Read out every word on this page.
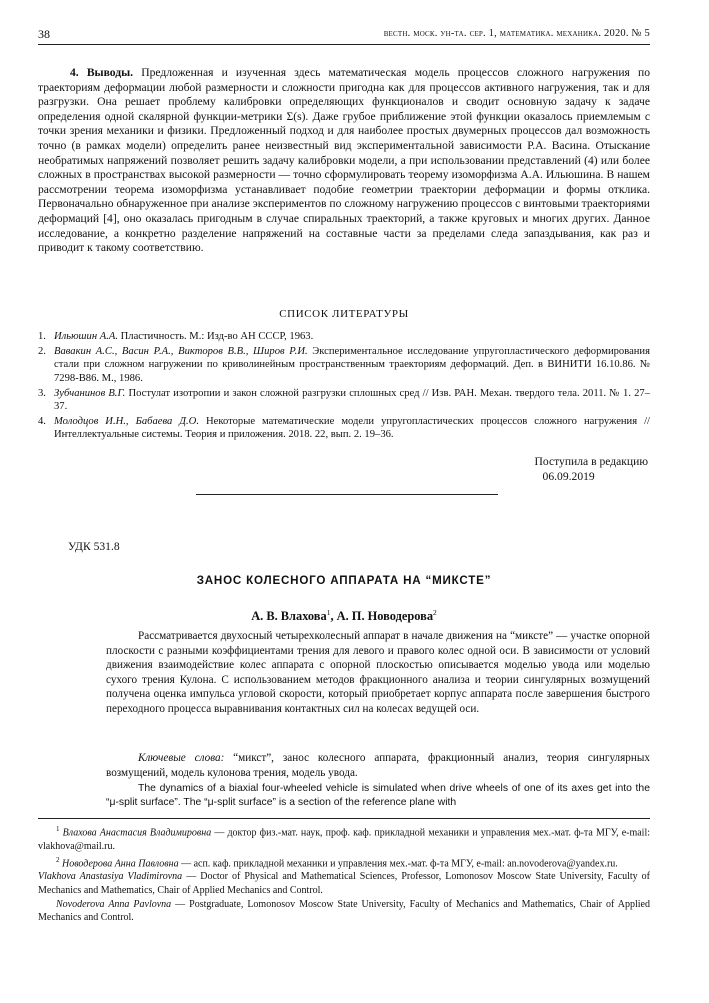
38	вестн. моск. ун-та. сер. 1, математика. механика. 2020. № 5

4. Выводы. Предложенная и изученная здесь математическая модель процессов сложного нагружения по траекториям деформации любой размерности и сложности пригодна как для процессов активного нагружения, так и для разгрузки. Она решает проблему калибровки определяющих функционалов и сводит основную задачу к задаче определения одной скалярной функции-метрики Σ(s). Даже грубое приближение этой функции оказалось приемлемым с точки зрения механики и физики. Предложенный подход и для наиболее простых двумерных процессов дал возможность точно (в рамках модели) определить ранее неизвестный вид экспериментальной зависимости Р.А. Васина. Отыскание необратимых напряжений позволяет решить задачу калибровки модели, а при использовании представлений (4) или более сложных в пространствах высокой размерности — точно сформулировать теорему изоморфизма А.А. Ильюшина. В нашем рассмотрении теорема изоморфизма устанавливает подобие геометрии траектории деформации и формы отклика. Первоначально обнаруженное при анализе экспериментов по сложному нагружению процессов с винтовыми траекториями деформаций [4], оно оказалась пригодным в случае спиральных траекторий, а также круговых и многих других. Данное исследование, а конкретно разделение напряжений на составные части за пределами следа запаздывания, как раз и приводит к такому соответствию.

СПИСОК ЛИТЕРАТУРЫ
1. Ильюшин А.А. Пластичность. М.: Изд-во АН СССР, 1963.
2. Вавакин А.С., Васин Р.А., Викторов В.В., Широв Р.И. Экспериментальное исследование упругопластического деформирования стали при сложном нагружении по криволинейным пространственным траекториям деформаций. Деп. в ВИНИТИ 16.10.86. № 7298-В86. М., 1986.
3. Зубчанинов В.Г. Постулат изотропии и закон сложной разгрузки сплошных сред // Изв. РАН. Механ. твердого тела. 2011. № 1. 27–37.
4. Молодцов И.Н., Бабаева Д.О. Некоторые математические модели упругопластических процессов сложного нагружения // Интеллектуальные системы. Теория и приложения. 2018. 22, вып. 2. 19–36.
Поступила в редакцию
06.09.2019
УДК 531.8
ЗАНОС КОЛЕСНОГО АППАРАТА НА “МИКСТЕ”
А. В. Влахова$^1$, А. П. Новодерова$^2$

Рассматривается двухосный четырехколесный аппарат в начале движения на “миксте” — участке опорной плоскости с разными коэффициентами трения для левого и правого колес одной оси. В зависимости от условий движения взаимодействие колес аппарата с опорной плоскостью описывается моделью увода или моделью сухого трения Кулона. С использованием методов фракционного анализа и теории сингулярных возмущений получена оценка импульса угловой скорости, который приобретает корпус аппарата после завершения быстрого переходного процесса выравнивания контактных сил на колесах ведущей оси.

Ключевые слова: “микст”, занос колесного аппарата, фракционный анализ, теория сингулярных возмущений, модель кулонова трения, модель увода.

The dynamics of a biaxial four-wheeled vehicle is simulated when drive wheels of one of its axes get into the “μ-split surface”. The “μ-split surface” is a section of the reference plane with

$^1$ Влахова Анастасия Владимировна — доктор физ.-мат. наук, проф. каф. прикладной механики и управления мех.-мат. ф-та МГУ, e-mail: vlakhova@mail.ru.

$^2$ Новодерова Анна Павловна — асп. каф. прикладной механики и управления мех.-мат. ф-та МГУ, e-mail: an.novoderova@yandex.ru.

Vlakhova Anastasiya Vladimirovna — Doctor of Physical and Mathematical Sciences, Professor, Lomonosov Moscow State University, Faculty of Mechanics and Mathematics, Chair of Applied Mechanics and Control.

Novoderova Anna Pavlovna — Postgraduate, Lomonosov Moscow State University, Faculty of Mechanics and Mathematics, Chair of Applied Mechanics and Control.
